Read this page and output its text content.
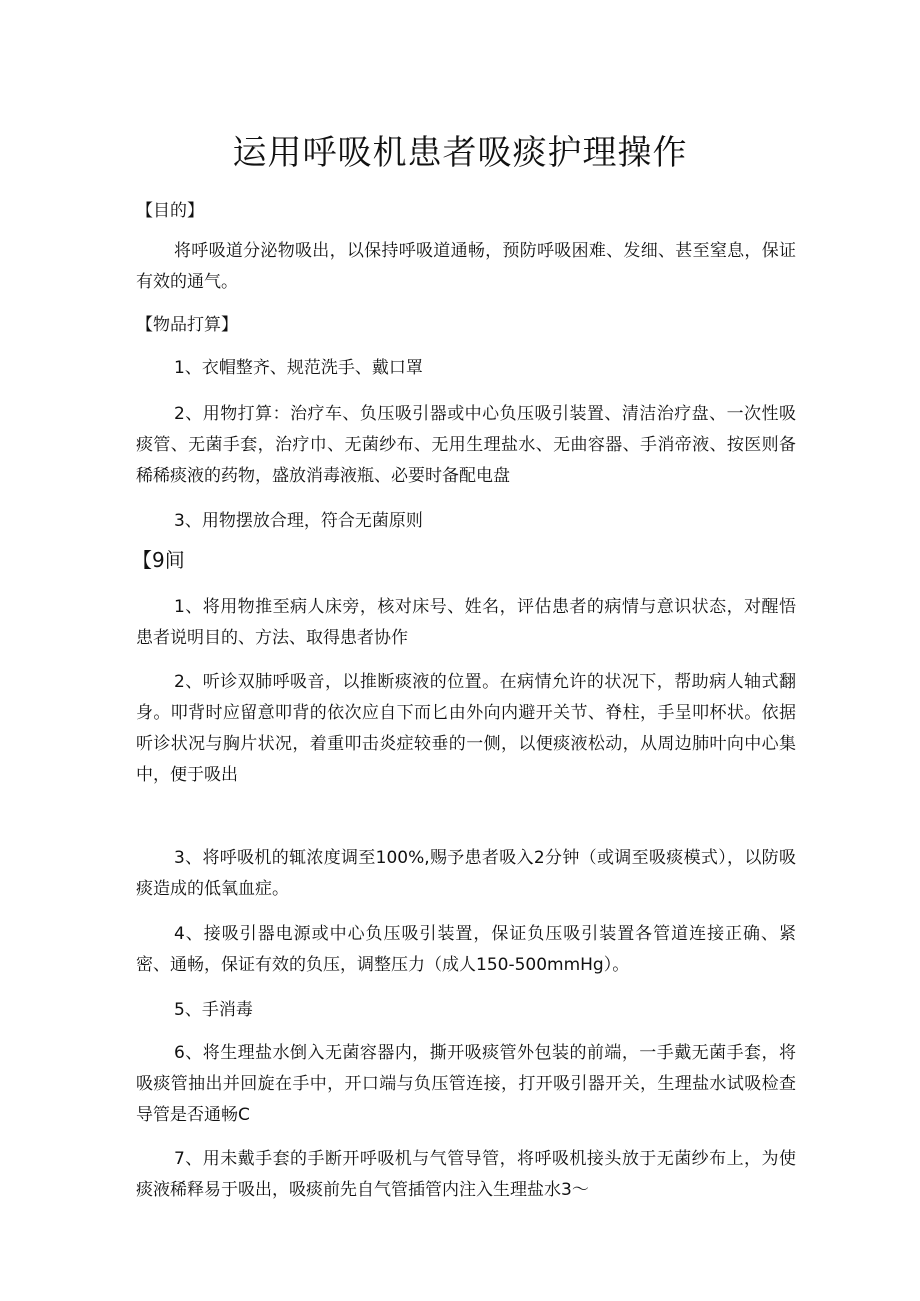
运用呼吸机患者吸痰护理操作

【目的】

将呼吸道分泌物吸出，以保持呼吸道通畅，预防呼吸困难、发细、甚至窒息，保证有效的通气。

【物品打算】

1、衣帽整齐、规范洗手、戴口罩

2、用物打算：治疗车、负压吸引器或中心负压吸引装置、清洁治疗盘、一次性吸痰管、无菌手套，治疗巾、无菌纱布、无用生理盐水、无曲容器、手消帝液、按医则备稀稀痰液的药物，盛放消毒液瓶、必要时备配电盘

3、用物摆放合理，符合无菌原则

【9间

1、将用物推至病人床旁，核对床号、姓名，评估患者的病情与意识状态，对醒悟患者说明目的、方法、取得患者协作

2、听诊双肺呼吸音，以推断痰液的位置。在病情允许的状况下，帮助病人轴式翻身。叩背时应留意叩背的依次应自下而匕由外向内避开关节、脊柱，手呈叩杯状。依据听诊状况与胸片状况，着重叩击炎症较垂的一侧，以便痰液松动，从周边肺叶向中心集中，便于吸出

3、将呼吸机的辄浓度调至100%,赐予患者吸入2分钟（或调至吸痰模式），以防吸痰造成的低氧血症。

4、接吸引器电源或中心负压吸引装置，保证负压吸引装置各管道连接正确、紧密、通畅，保证有效的负压，调整压力（成人150-500mmHg）。

5、手消毒

6、将生理盐水倒入无菌容器内，撕开吸痰管外包装的前端，一手戴无菌手套，将吸痰管抽出并回旋在手中，开口端与负压管连接，打开吸引器开关，生理盐水试吸检查导管是否通畅C

7、用未戴手套的手断开呼吸机与气管导管，将呼吸机接头放于无菌纱布上，为使痰液稀释易于吸出，吸痰前先自气管插管内注入生理盐水3～
